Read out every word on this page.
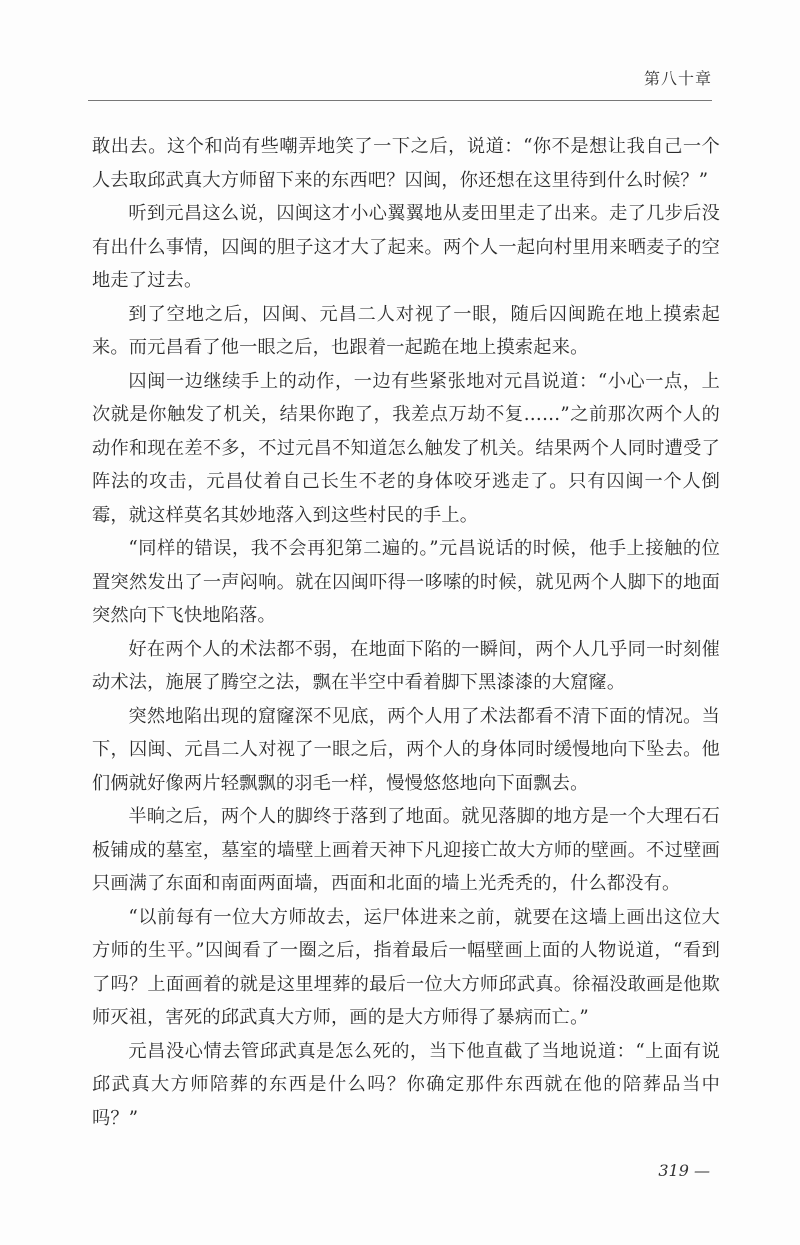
第八十章

敢出去。这个和尚有些嘲弄地笑了一下之后，说道：“你不是想让我自己一个人去取邱武真大方师留下来的东西吧？囚闽，你还想在这里待到什么时候？”

听到元昌这么说，囚闽这才小心翼翼地从麦田里走了出来。走了几步后没有出什么事情，囚闽的胆子这才大了起来。两个人一起向村里用来晒麦子的空地走了过去。

到了空地之后，囚闽、元昌二人对视了一眼，随后囚闽跪在地上摸索起来。而元昌看了他一眼之后，也跟着一起跪在地上摸索起来。

囚闽一边继续手上的动作，一边有些紧张地对元昌说道：“小心一点，上次就是你触发了机关，结果你跑了，我差点万劫不复……”之前那次两个人的动作和现在差不多，不过元昌不知道怎么触发了机关。结果两个人同时遭受了阵法的攻击，元昌仗着自己长生不老的身体咬牙逃走了。只有囚闽一个人倒霉，就这样莫名其妙地落入到这些村民的手上。

“同样的错误，我不会再犯第二遍的。”元昌说话的时候，他手上接触的位置突然发出了一声闷响。就在囚闽吓得一哆嗦的时候，就见两个人脚下的地面突然向下飞快地陷落。

好在两个人的术法都不弱，在地面下陷的一瞬间，两个人几乎同一时刻催动术法，施展了腾空之法，飘在半空中看着脚下黑漆漆的大窟窿。

突然地陷出现的窟窿深不见底，两个人用了术法都看不清下面的情况。当下，囚闽、元昌二人对视了一眼之后，两个人的身体同时缓慢地向下坠去。他们俩就好像两片轻飘飘的羽毛一样，慢慢悠悠地向下面飘去。

半晌之后，两个人的脚终于落到了地面。就见落脚的地方是一个大理石石板铺成的墓室，墓室的墙壁上画着天神下凡迎接亡故大方师的壁画。不过壁画只画满了东面和南面两面墙，西面和北面的墙上光秃秃的，什么都没有。

“以前每有一位大方师故去，运尸体进来之前，就要在这墙上画出这位大方师的生平。”囚闽看了一圈之后，指着最后一幅壁画上面的人物说道，“看到了吗？上面画着的就是这里埋葬的最后一位大方师邱武真。徐福没敢画是他欺师灭祖，害死的邱武真大方师，画的是大方师得了暴病而亡。”

元昌没心情去管邱武真是怎么死的，当下他直截了当地说道：“上面有说邱武真大方师陪葬的东西是什么吗？你确定那件东西就在他的陪葬品当中吗？”

319 —
